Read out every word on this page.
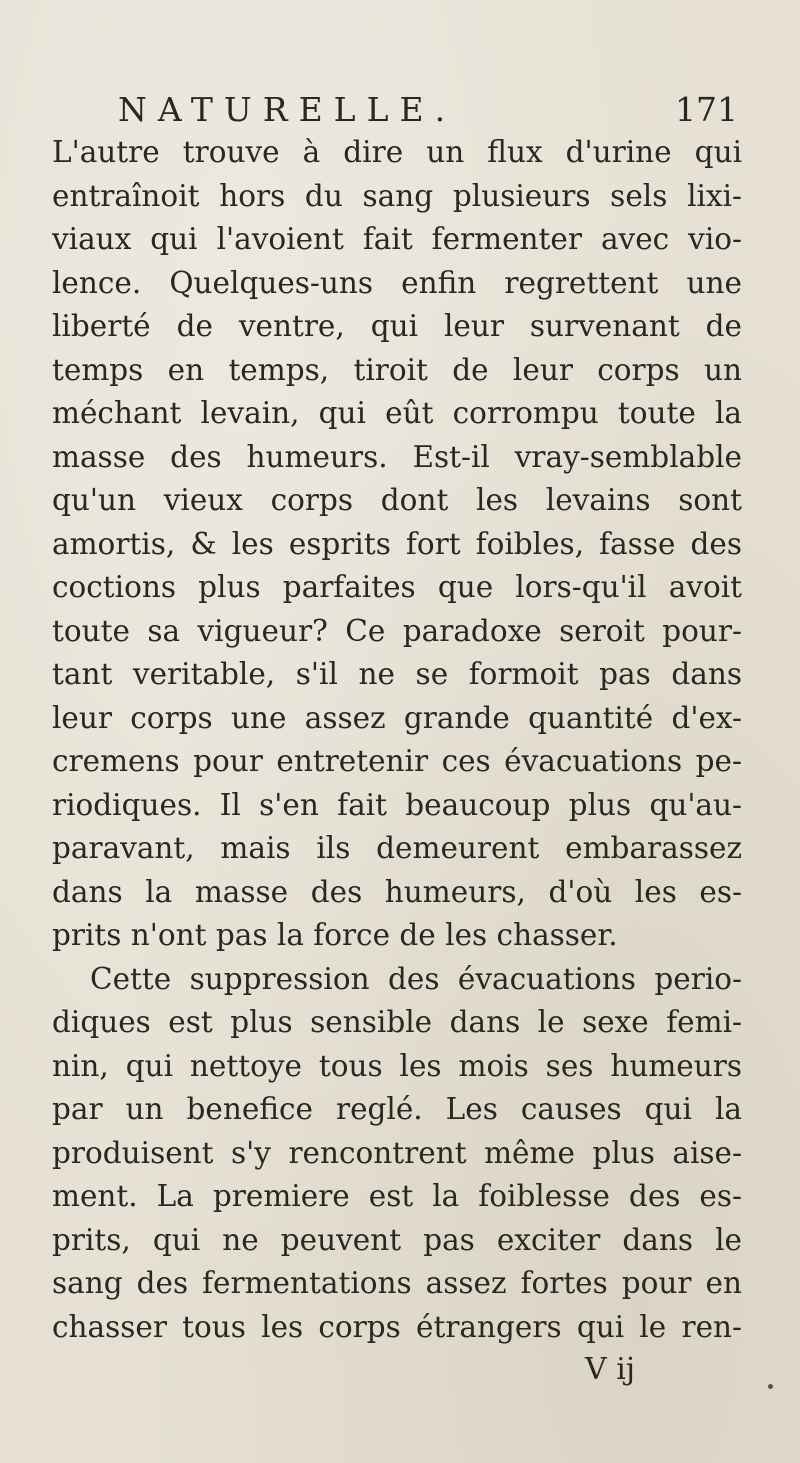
NATURELLE.	171
L'autre trouve à dire un flux d'urine qui
entraînoit hors du sang plusieurs sels lixi-
viaux qui l'avoient fait fermenter avec vio-
lence. Quelques-uns enfin regrettent une
liberté de ventre, qui leur survenant de
temps en temps, tiroit de leur corps un
méchant levain, qui eût corrompu toute la
masse des humeurs. Est-il vray-semblable
qu'un vieux corps dont les levains sont
amortis, & les esprits fort foibles, fasse des
coctions plus parfaites que lors-qu'il avoit
toute sa vigueur? Ce paradoxe seroit pour-
tant veritable, s'il ne se formoit pas dans
leur corps une assez grande quantité d'ex-
cremens pour entretenir ces évacuations pe-
riodiques. Il s'en fait beaucoup plus qu'au-
paravant, mais ils demeurent embarassez
dans la masse des humeurs, d'où les es-
prits n'ont pas la force de les chasser.
Cette suppression des évacuations perio-
diques est plus sensible dans le sexe femi-
nin, qui nettoye tous les mois ses humeurs
par un benefice reglé. Les causes qui la
produisent s'y rencontrent même plus aise-
ment. La premiere est la foiblesse des es-
prits, qui ne peuvent pas exciter dans le
sang des fermentations assez fortes pour en
chasser tous les corps étrangers qui le ren-
V ij
